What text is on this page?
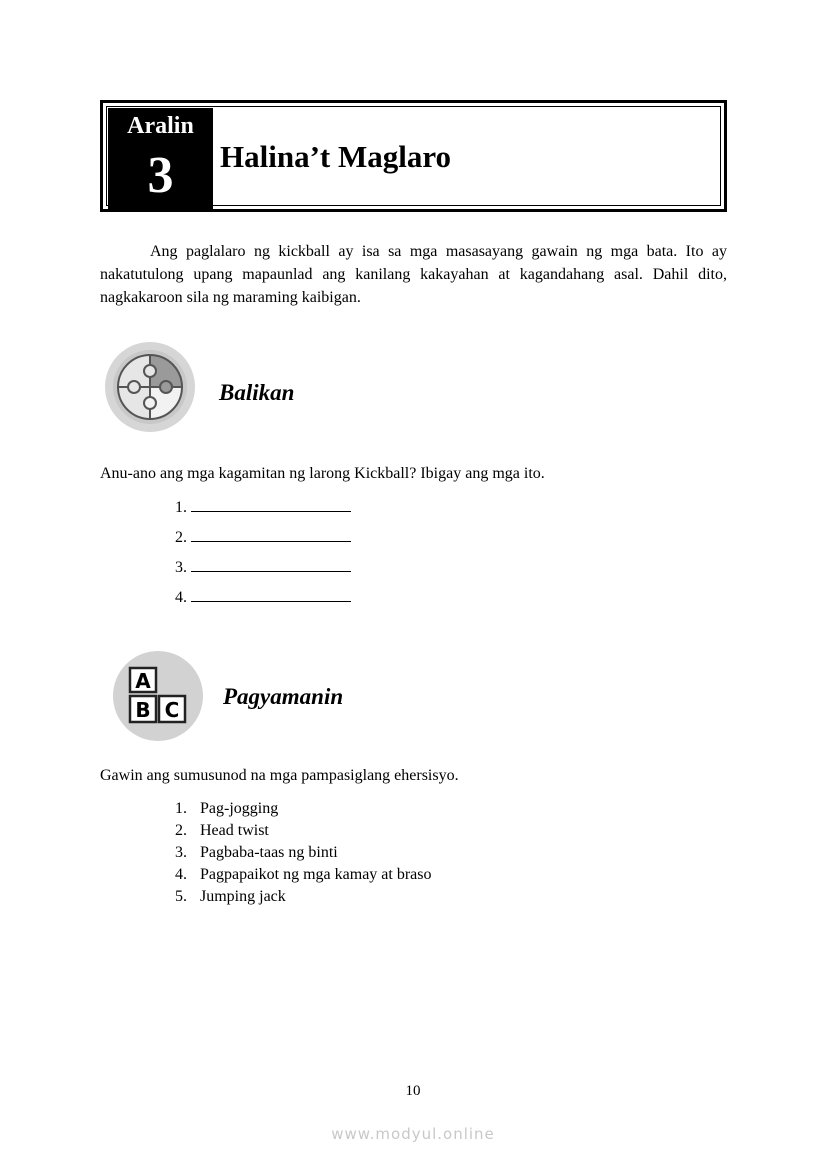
Aralin
3	Halina’t Maglaro
Ang paglalaro ng kickball ay isa sa mga masasayang gawain ng mga bata. Ito ay nakatutulong upang mapaunlad ang kanilang kakayahan at kagandahang asal. Dahil dito, nagkakaroon sila ng maraming kaibigan.
Balikan
Anu-ano ang mga kagamitan ng larong Kickball? Ibigay ang mga ito.
1.
2.
3.
4.
A
B C
Pagyamanin
Gawin ang sumusunod na mga pampasiglang ehersisyo.
1. Pag-jogging
2. Head twist
3. Pagbaba-taas ng binti
4. Pagpapaikot ng mga kamay at braso
5. Jumping jack
10
www.modyul.online
